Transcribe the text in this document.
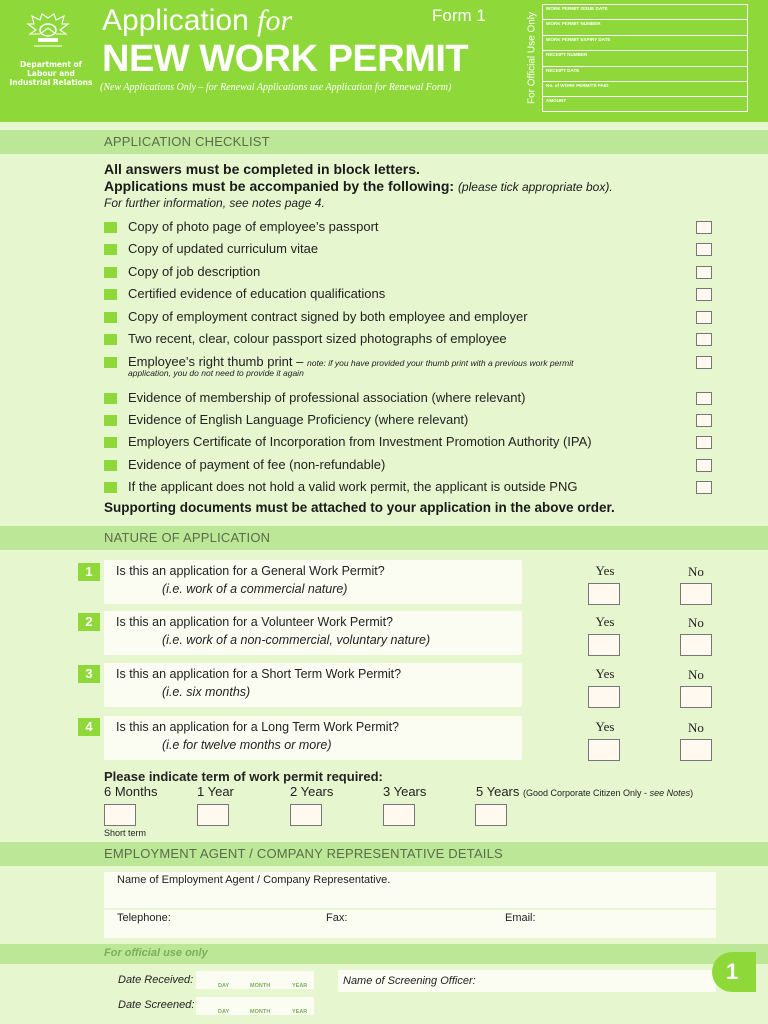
Department of Labour and Industrial Relations
Application for	Form 1
NEW WORK PERMIT
(New Applications Only – for Renewal Applications use Application for Renewal Form)	For Official Use Only
WORK PERMIT ISSUE DATE
WORK PERMIT NUMBER
WORK PERMIT EXPIRY DATE
RECEIPT NUMBER
RECEIPT DATE
No. of WORK PERMITS PAID
AMOUNT
APPLICATION CHECKLIST
All answers must be completed in block letters.
Applications must be accompanied by the following: (please tick appropriate box).
For further information, see notes page 4.
Copy of photo page of employee’s passport
Copy of updated curriculum vitae
Copy of job description
Certified evidence of education qualifications
Copy of employment contract signed by both employee and employer
Two recent, clear, colour passport sized photographs of employee
Employee’s right thumb print – note: if you have provided your thumb print with a previous work permit
application, you do not need to provide it again
Evidence of membership of professional association (where relevant)
Evidence of English Language Proficiency (where relevant)
Employers Certificate of Incorporation from Investment Promotion Authority (IPA)
Evidence of payment of fee (non-refundable)
If the applicant does not hold a valid work permit, the applicant is outside PNG
Supporting documents must be attached to your application in the above order.
NATURE OF APPLICATION
1	Is this an application for a General Work Permit?
(i.e. work of a commercial nature)
Yes	No
2	Is this an application for a Volunteer Work Permit?
(i.e. work of a non-commercial, voluntary nature)
Yes	No
3	Is this an application for a Short Term Work Permit?
(i.e. six months)
Yes	No
4	Is this an application for a Long Term Work Permit?
(i.e for twelve months or more)
Yes	No
Please indicate term of work permit required:
6 Months	1 Year	2 Years	3 Years	5 Years (Good Corporate Citizen Only - see Notes)
Short term
EMPLOYMENT AGENT / COMPANY REPRESENTATIVE DETAILS
Name of Employment Agent / Company Representative.
Telephone:	Fax:	Email:
For official use only
Date Received:	DAY	MONTH	YEAR
Date Screened:
DAY	MONTH	YEAR
Name of Screening Officer:	1
